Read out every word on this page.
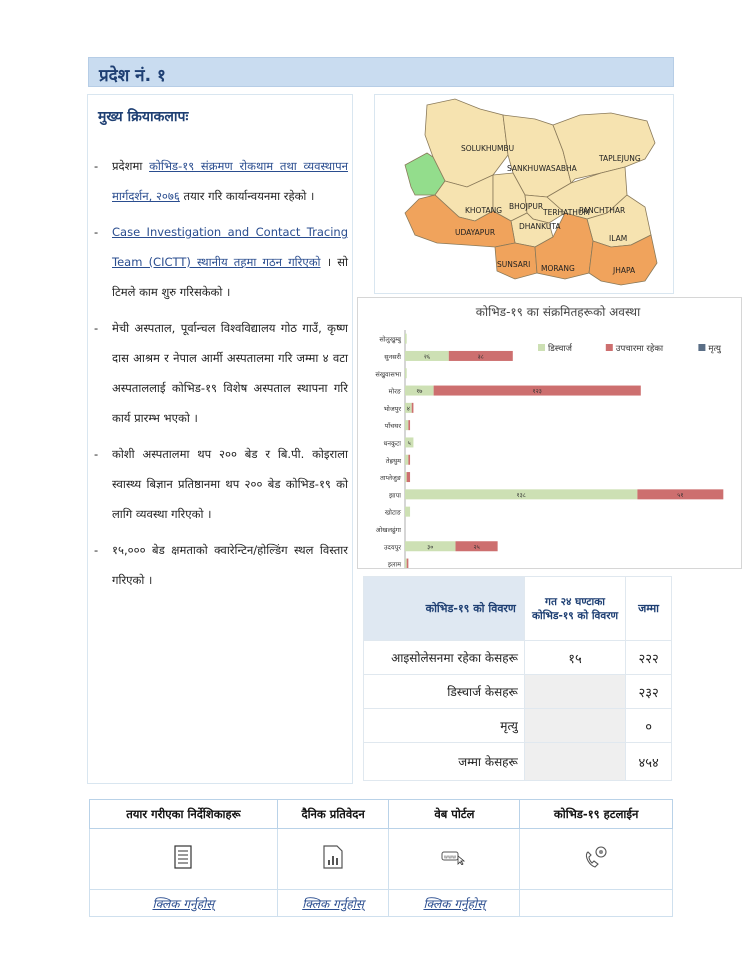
प्रदेश नं. १
मुख्य क्रियाकलापः
-	प्रदेशमा कोभिड-१९ संक्रमण रोकथाम तथा व्यवस्थापन मार्गदर्शन, २०७६ तयार गरि कार्यान्वयनमा रहेको ।
-	Case Investigation and Contact Tracing Team (CICTT) स्थानीय तहमा गठन गरिएको । सो टिमले काम शुरु गरिसकेको ।
-	मेची अस्पताल, पूर्वान्चल विश्वविद्यालय गोठ गाउँ, कृष्ण दास आश्रम र नेपाल आर्मी अस्पतालमा गरि जम्मा ४ वटा अस्पताललाई कोभिड-१९ विशेष अस्पताल स्थापना गरि कार्य प्रारम्भ भएको ।
-	कोशी अस्पतालमा थप २०० बेड र बि.पी. कोइराला स्वास्थ्य बिज्ञान प्रतिष्ठानमा थप २०० बेड कोभिड-१९ को लागि व्यवस्था गरिएको ।
-	१५,००० बेड क्षमताको क्वारेन्टिन/होल्डिंग स्थल विस्तार गरिएको ।
SOLUKHUMBU
SANKHUWASABHA
TAPLEJUNG
KHOTANG BHOJPUR
TERHATHUM
PANCHTHAR
UDAYAPUR
DHANKUTA
ILAM
SUNSARI MORANG	JHAPA
कोभिड-१९ का संक्रमितहरूको अवस्था
डिस्चार्ज	उपचारमा रहेका	मृत्यु
सोलुखुम्बु
सुनसरी
संखुवासभा
मोरङ
भोजपुर
पाँचथर
धनकुटा
तेह्रथुम
ताप्लेजुङ
झापा
खोटाङ
ओखलढुंगा
उदयपुर
इलाम
२६	३८
१७	१२३
४
५
१३८	५१
३०	२५
कोभिड-१९ को विवरण	गत २४ घण्टाका कोभिड-१९ को विवरण	जम्मा
आइसोलेसनमा रहेका केसहरू	१५	२२२
डिस्चार्ज केसहरू		२३२
मृत्यु		०
जम्मा केसहरू		४५४
तयार गरीएका निर्देशिकाहरू	दैनिक प्रतिवेदन	वेब पोर्टल	कोभिड-१९ हटलाईन

www

क्लिक गर्नुहोस्	क्लिक गर्नुहोस्	क्लिक गर्नुहोस्	
